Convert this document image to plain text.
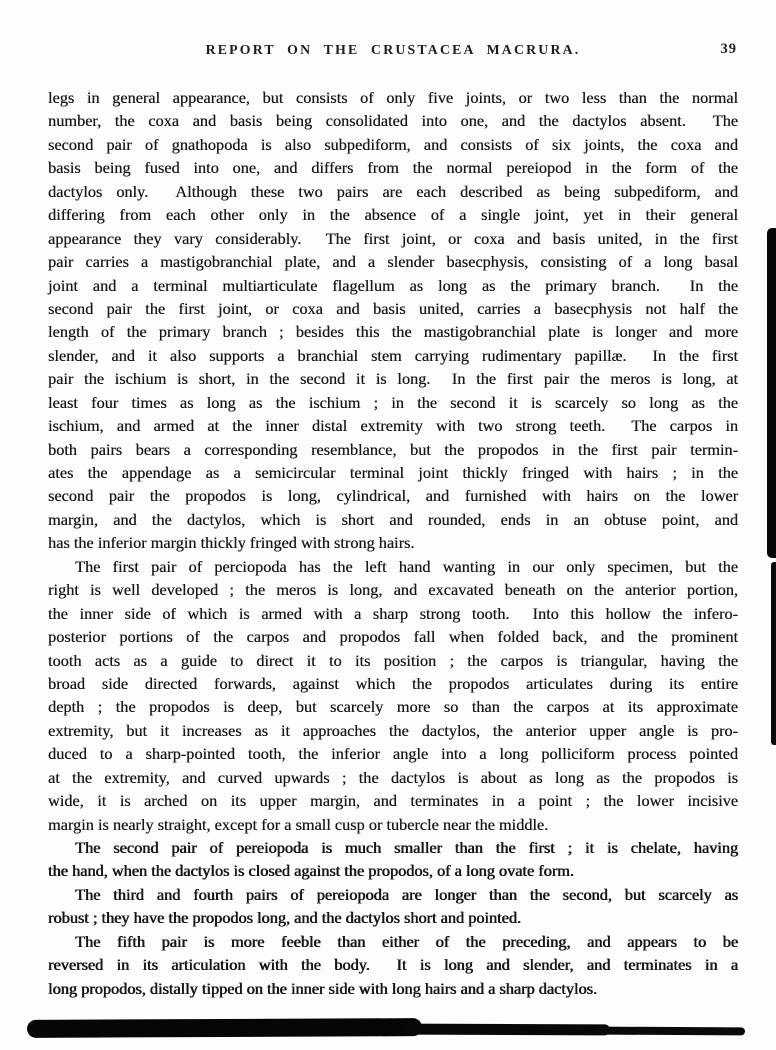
REPORT ON THE CRUSTACEA MACRURA.	39
legs in general appearance, but consists of only five joints, or two less than the normal
number, the coxa and basis being consolidated into one, and the dactylos absent.  The
second pair of gnathopoda is also subpediform, and consists of six joints, the coxa and
basis being fused into one, and differs from the normal pereiopod in the form of the
dactylos only.  Although these two pairs are each described as being subpediform, and
differing from each other only in the absence of a single joint, yet in their general
appearance they vary considerably.  The first joint, or coxa and basis united, in the first
pair carries a mastigobranchial plate, and a slender basecphysis, consisting of a long basal
joint and a terminal multiarticulate flagellum as long as the primary branch.  In the
second pair the first joint, or coxa and basis united, carries a basecphysis not half the
length of the primary branch ; besides this the mastigobranchial plate is longer and more
slender, and it also supports a branchial stem carrying rudimentary papillæ.  In the first
pair the ischium is short, in the second it is long.  In the first pair the meros is long, at
least four times as long as the ischium ; in the second it is scarcely so long as the
ischium, and armed at the inner distal extremity with two strong teeth.  The carpos in
both pairs bears a corresponding resemblance, but the propodos in the first pair termin-
ates the appendage as a semicircular terminal joint thickly fringed with hairs ; in the
second pair the propodos is long, cylindrical, and furnished with hairs on the lower
margin, and the dactylos, which is short and rounded, ends in an obtuse point, and
has the inferior margin thickly fringed with strong hairs.
The first pair of perciopoda has the left hand wanting in our only specimen, but the
right is well developed ; the meros is long, and excavated beneath on the anterior portion,
the inner side of which is armed with a sharp strong tooth.  Into this hollow the infero-
posterior portions of the carpos and propodos fall when folded back, and the prominent
tooth acts as a guide to direct it to its position ; the carpos is triangular, having the
broad side directed forwards, against which the propodos articulates during its entire
depth ; the propodos is deep, but scarcely more so than the carpos at its approximate
extremity, but it increases as it approaches the dactylos, the anterior upper angle is pro-
duced to a sharp-pointed tooth, the inferior angle into a long polliciform process pointed
at the extremity, and curved upwards ; the dactylos is about as long as the propodos is
wide, it is arched on its upper margin, and terminates in a point ; the lower incisive
margin is nearly straight, except for a small cusp or tubercle near the middle.
The second pair of pereiopoda is much smaller than the first ; it is chelate, having
the hand, when the dactylos is closed against the propodos, of a long ovate form.
The third and fourth pairs of pereiopoda are longer than the second, but scarcely as
robust ; they have the propodos long, and the dactylos short and pointed.
The fifth pair is more feeble than either of the preceding, and appears to be
reversed in its articulation with the body.  It is long and slender, and terminates in a
long propodos, distally tipped on the inner side with long hairs and a sharp dactylos.
